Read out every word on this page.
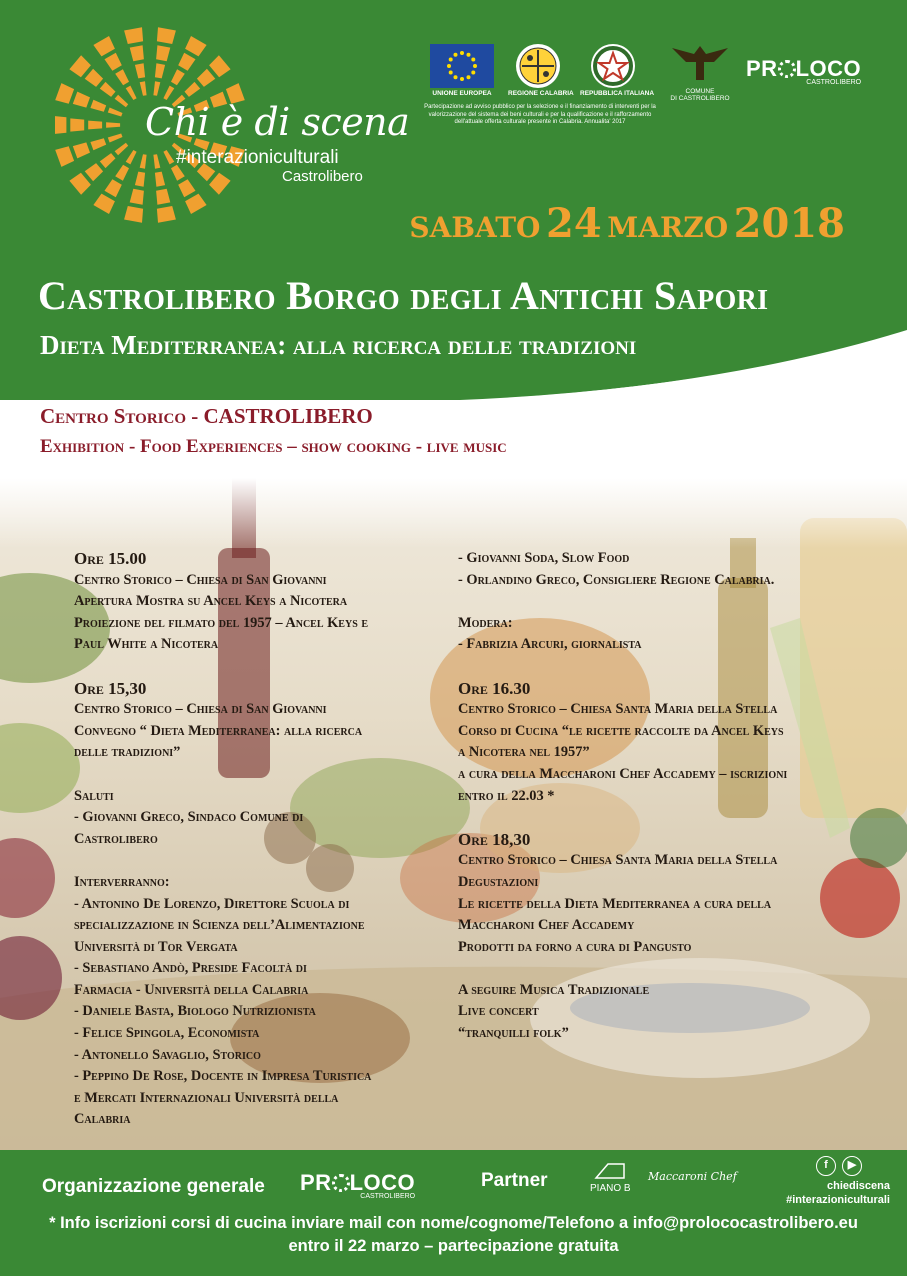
Chi è di scena
#interazioniculturali
Castrolibero
UNIONE EUROPEA	REGIONE CALABRIA REPUBBLICA ITALIANA	COMUNE
DI CASTROLIBERO
Partecipazione ad avviso pubblico per la selezione e il finanziamento di interventi per la valorizzazione del sistema dei beni culturali e per la qualificazione e il rafforzamento dell'attuale offerta culturale presente in Calabria. Annualita' 2017
PR LOCO
CASTROLIBERO
SABATO 24 MARZO 2018
Castrolibero Borgo degli Antichi Sapori
Dieta Mediterranea: alla ricerca delle tradizioni
Centro Storico - CASTROLIBERO
Exhibition - Food Experiences – show cooking - live music
Ore 15.00
Centro Storico – Chiesa di San Giovanni
Apertura Mostra su Ancel Keys a Nicotera
Proiezione del filmato del 1957 – Ancel Keys e
Paul White a Nicotera
Ore 15,30
Centro Storico – Chiesa di San Giovanni
Convegno “ Dieta Mediterranea: alla ricerca
delle tradizioni”
Saluti
- Giovanni Greco, Sindaco Comune di
Castrolibero
Interverranno:
- Antonino De Lorenzo, Direttore Scuola di
specializzazione in Scienza dell’Alimentazione
Università di Tor Vergata
- Sebastiano Andò, Preside Facoltà di
Farmacia - Università della Calabria
- Daniele Basta, Biologo Nutrizionista
- Felice Spingola, Economista
- Antonello Savaglio, Storico
- Peppino De Rose, Docente in Impresa Turistica
e Mercati Internazionali Università della
Calabria
- Giovanni Soda, Slow Food
- Orlandino Greco, Consigliere Regione Calabria.
Modera:
- Fabrizia Arcuri, giornalista
Ore 16.30
Centro Storico – Chiesa Santa Maria della Stella
Corso di Cucina “le ricette raccolte da Ancel Keys
a Nicotera nel 1957”
a cura della Maccharoni Chef Accademy – iscrizioni
entro il 22.03 *
Ore 18,30
Centro Storico – Chiesa Santa Maria della Stella
Degustazioni
Le ricette della Dieta Mediterranea a cura della
Maccharoni Chef Accademy
Prodotti da forno a cura di Pangusto
A seguire Musica Tradizionale
Live concert
“tranquilli folk”
Organizzazione generale PR LOCO
CASTROLIBERO
Partner	PIANO B
Maccaroni Chef
f	▶
chiediscena
#interazioniculturali
* Info iscrizioni corsi di cucina inviare mail con nome/cognome/Telefono a info@prolococastrolibero.eu
entro il 22 marzo – partecipazione gratuita
